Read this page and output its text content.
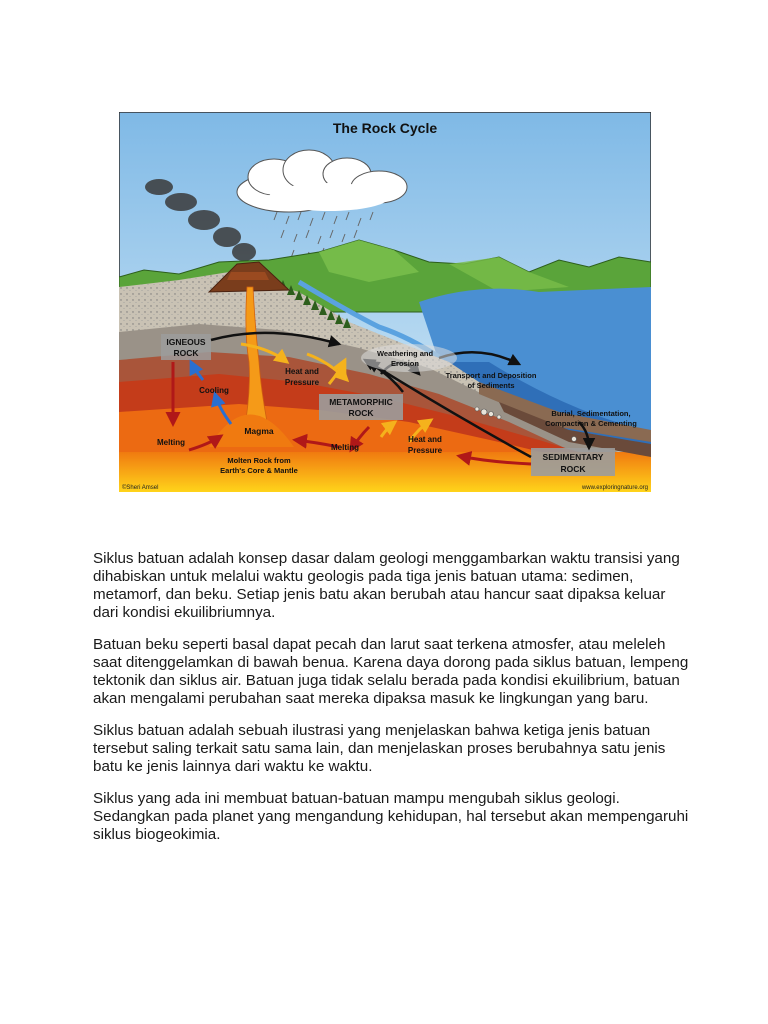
The Rock Cycle
IGNEOUS
ROCK
METAMORPHIC
ROCK
SEDIMENTARY
ROCK
Cooling
Magma
Melting
Melting
Heat and
Pressure
Heat and
Pressure
Weathering and
Erosion
Transport and Deposition
of Sediments
Burial, Sedimentation,
Compaction & Cementing
Molten Rock from
Earth's Core & Mantle
©Sheri Amsel	www.exploringnature.org

Siklus batuan adalah konsep dasar dalam geologi menggambarkan waktu transisi yang dihabiskan untuk melalui waktu geologis pada tiga jenis batuan utama: sedimen, metamorf, dan beku. Setiap jenis batu akan berubah atau hancur saat dipaksa keluar dari kondisi ekuilibriumnya.

Batuan beku seperti basal dapat pecah dan larut saat terkena atmosfer, atau meleleh saat ditenggelamkan di bawah benua. Karena daya dorong pada siklus batuan, lempeng tektonik dan siklus air. Batuan juga tidak selalu berada pada kondisi ekuilibrium, batuan akan mengalami perubahan saat mereka dipaksa masuk ke lingkungan yang baru.

Siklus batuan adalah sebuah ilustrasi yang menjelaskan bahwa ketiga jenis batuan tersebut saling terkait satu sama lain, dan menjelaskan proses berubahnya satu jenis batu ke jenis lainnya dari waktu ke waktu.

Siklus yang ada ini membuat batuan-batuan mampu mengubah siklus geologi. Sedangkan pada planet yang mengandung kehidupan, hal tersebut akan mempengaruhi siklus biogeokimia.
